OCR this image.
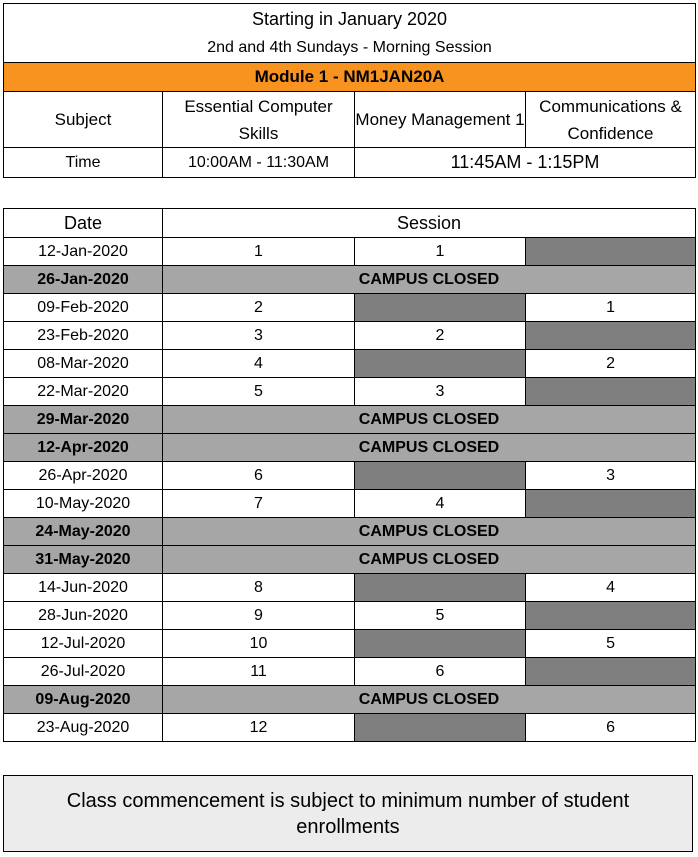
Starting in January 2020			
2nd and 4th Sundays - Morning Session			
Module 1 - NM1JAN20A			
Subject	Essential Computer Skills	Money Management 1	Communications & Confidence
Time	10:00AM - 11:30AM	11:45AM - 1:15PM	
Date	Session		
12-Jan-2020	1	1	
26-Jan-2020	CAMPUS CLOSED		
09-Feb-2020	2		1
23-Feb-2020	3	2	
08-Mar-2020	4		2
22-Mar-2020	5	3	
29-Mar-2020	CAMPUS CLOSED		
12-Apr-2020	CAMPUS CLOSED		
26-Apr-2020	6		3
10-May-2020	7	4	
24-May-2020	CAMPUS CLOSED		
31-May-2020	CAMPUS CLOSED		
14-Jun-2020	8		4
28-Jun-2020	9	5	
12-Jul-2020	10		5
26-Jul-2020	11	6	
09-Aug-2020	CAMPUS CLOSED		
23-Aug-2020	12		6
Class commencement is subject to minimum number of student enrollments
